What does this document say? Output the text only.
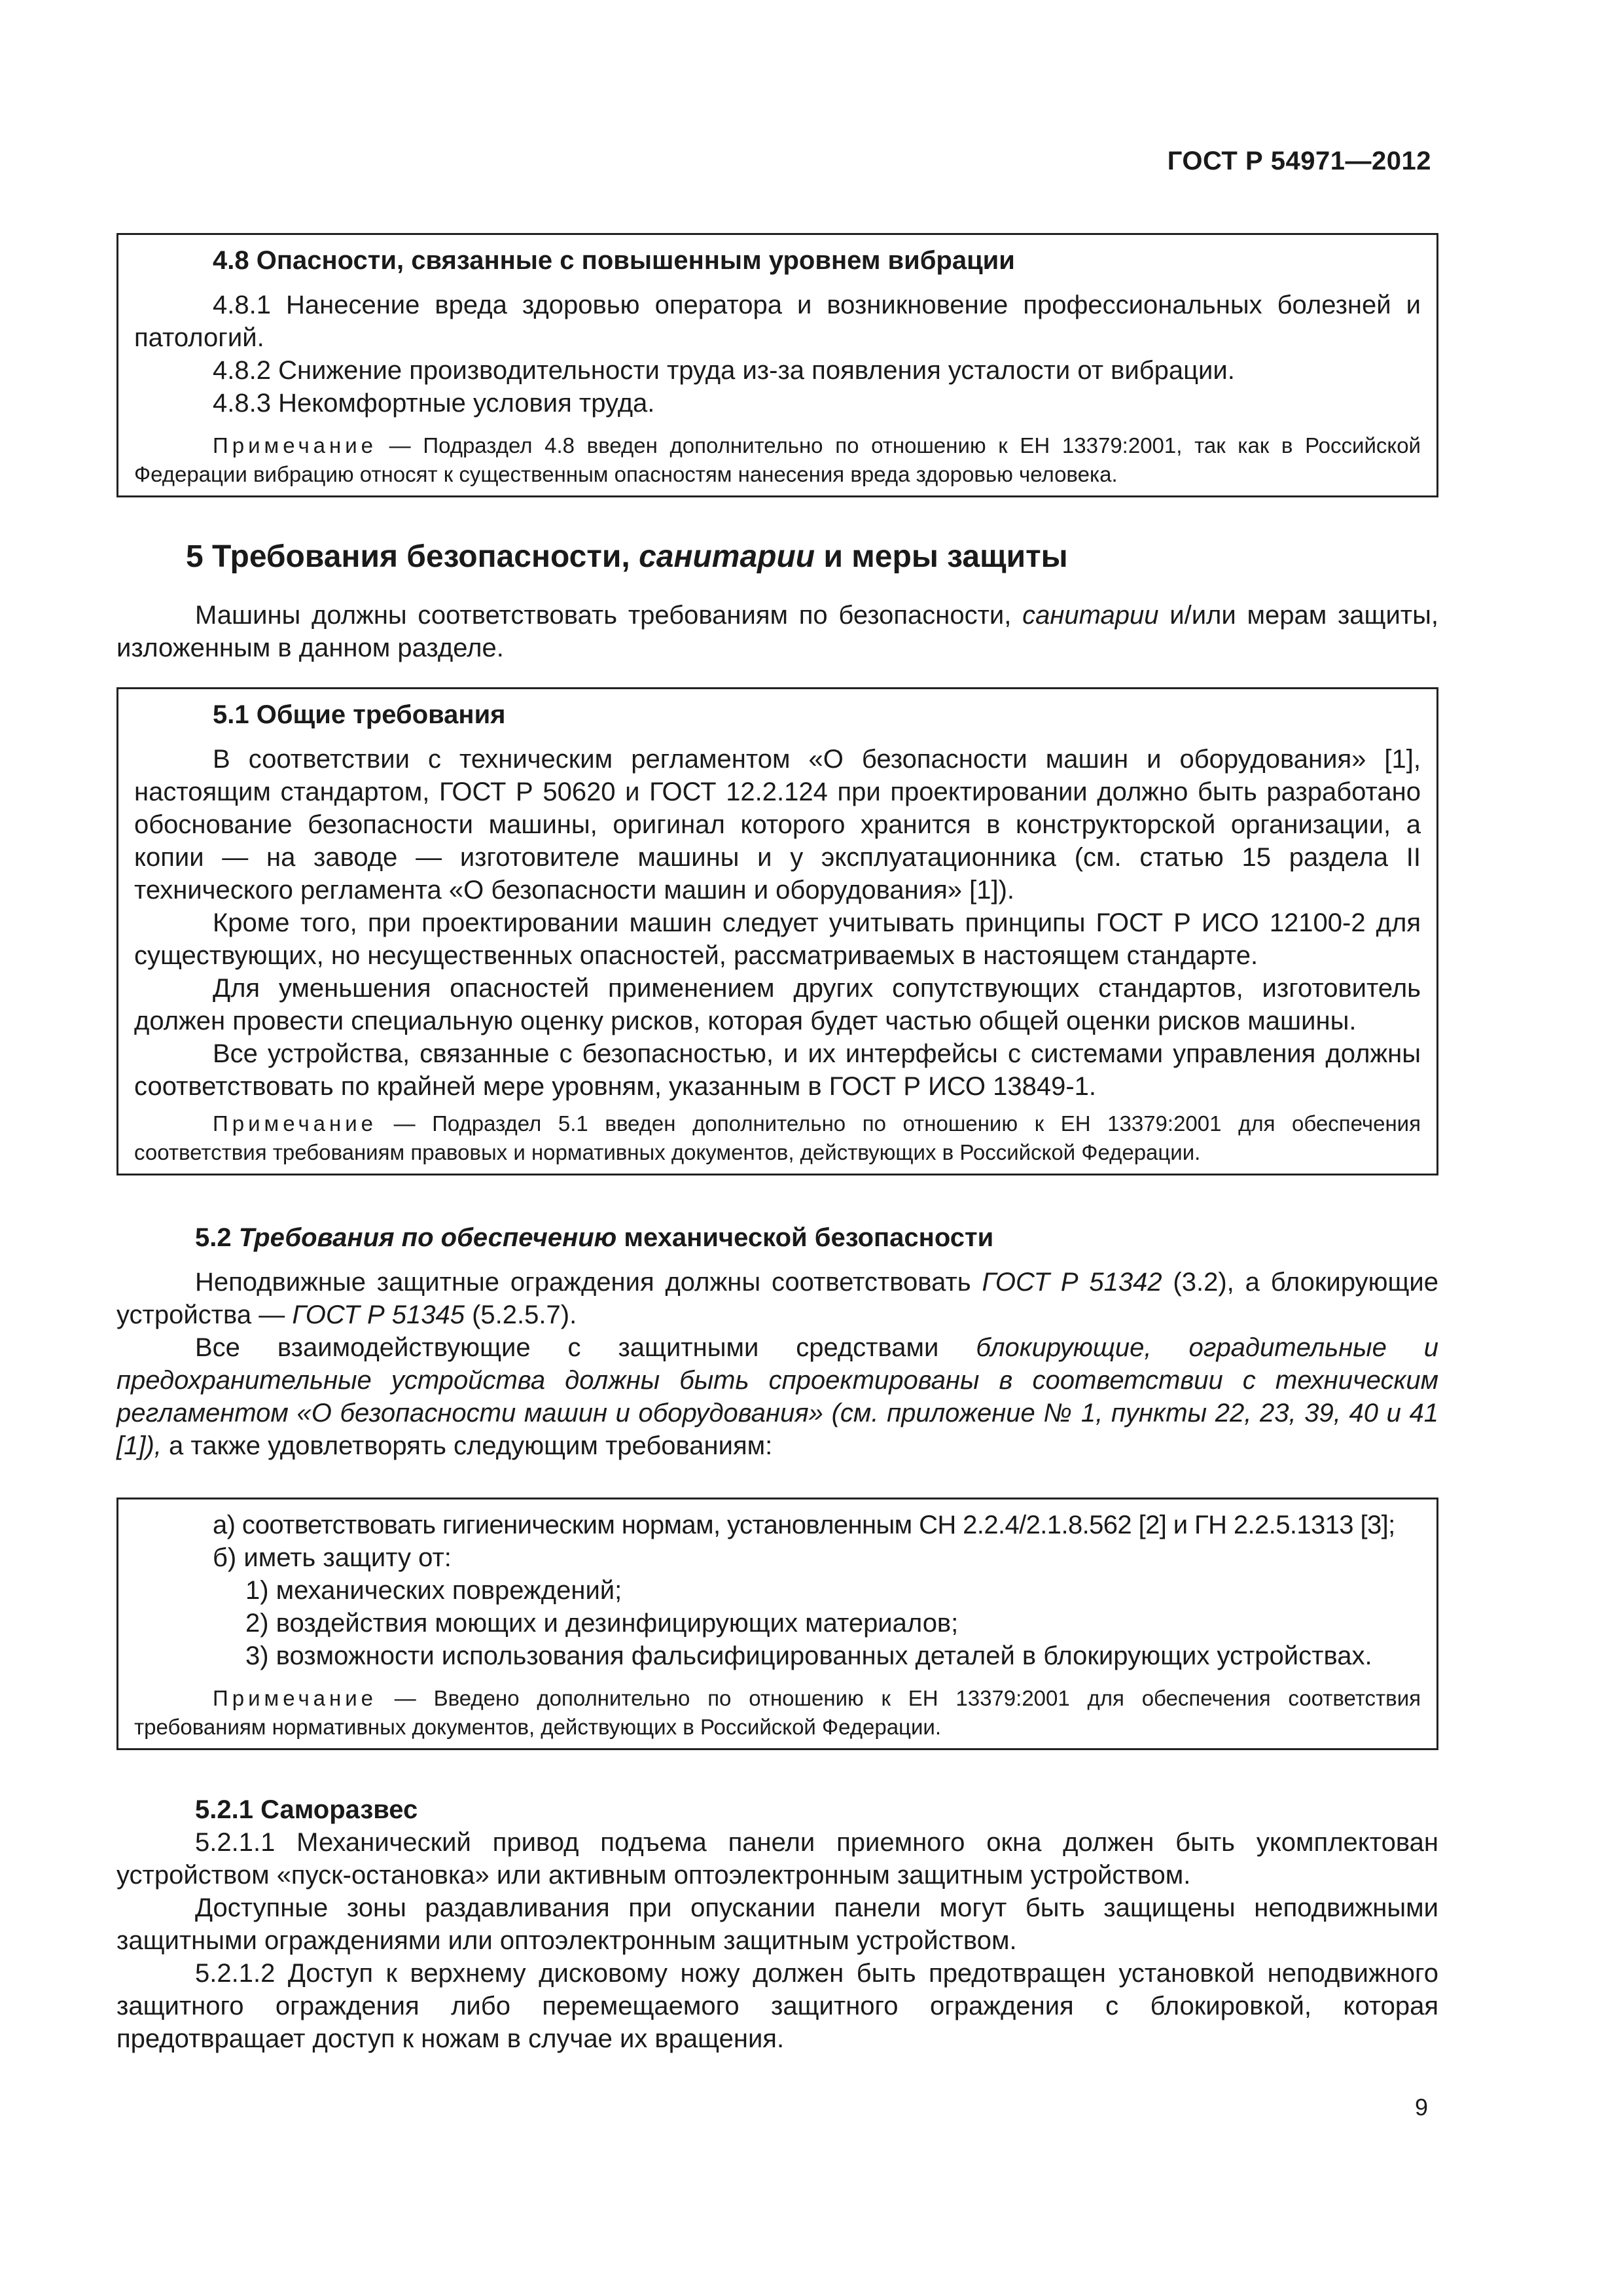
ГОСТ Р 54971—2012

4.8 Опасности, связанные с повышенным уровнем вибрации

4.8.1 Нанесение вреда здоровью оператора и возникновение профессиональных болезней и патологий.

4.8.2 Снижение производительности труда из-за появления усталости от вибрации.

4.8.3 Некомфортные условия труда.

Примечание — Подраздел 4.8 введен дополнительно по отношению к ЕН 13379:2001, так как в Российской Федерации вибрацию относят к существенным опасностям нанесения вреда здоровью человека.

5 Требования безопасности, санитарии и меры защиты

Машины должны соответствовать требованиям по безопасности, санитарии и/или мерам защиты, изложенным в данном разделе.

5.1 Общие требования

В соответствии с техническим регламентом «О безопасности машин и оборудования» [1], настоящим стандартом, ГОСТ Р 50620 и ГОСТ 12.2.124 при проектировании должно быть разработано обоснование безопасности машины, оригинал которого хранится в конструкторской организации, а копии — на заводе — изготовителе машины и у эксплуатационника (см. статью 15 раздела II технического регламента «О безопасности машин и оборудования» [1]).

Кроме того, при проектировании машин следует учитывать принципы ГОСТ Р ИСО 12100-2 для существующих, но несущественных опасностей, рассматриваемых в настоящем стандарте.

Для уменьшения опасностей применением других сопутствующих стандартов, изготовитель должен провести специальную оценку рисков, которая будет частью общей оценки рисков машины.

Все устройства, связанные с безопасностью, и их интерфейсы с системами управления должны соответствовать по крайней мере уровням, указанным в ГОСТ Р ИСО 13849-1.

Примечание — Подраздел 5.1 введен дополнительно по отношению к ЕН 13379:2001 для обеспечения соответствия требованиям правовых и нормативных документов, действующих в Российской Федерации.

5.2 Требования по обеспечению механической безопасности

Неподвижные защитные ограждения должны соответствовать ГОСТ Р 51342 (3.2), а блокирующие устройства — ГОСТ Р 51345 (5.2.5.7).

Все взаимодействующие с защитными средствами блокирующие, оградительные и предохранительные устройства должны быть спроектированы в соответствии с техническим регламентом «О безопасности машин и оборудования» (см. приложение № 1, пункты 22, 23, 39, 40 и 41 [1]), а также удовлетворять следующим требованиям:

а) соответствовать гигиеническим нормам, установленным СН 2.2.4/2.1.8.562 [2] и ГН 2.2.5.1313 [3];

б) иметь защиту от:

1) механических повреждений;

2) воздействия моющих и дезинфицирующих материалов;

3) возможности использования фальсифицированных деталей в блокирующих устройствах.

Примечание — Введено дополнительно по отношению к ЕН 13379:2001 для обеспечения соответствия требованиям нормативных документов, действующих в Российской Федерации.

5.2.1 Саморазвес

5.2.1.1 Механический привод подъема панели приемного окна должен быть укомплектован устройством «пуск-остановка» или активным оптоэлектронным защитным устройством.

Доступные зоны раздавливания при опускании панели могут быть защищены неподвижными защитными ограждениями или оптоэлектронным защитным устройством.

5.2.1.2 Доступ к верхнему дисковому ножу должен быть предотвращен установкой неподвижного защитного ограждения либо перемещаемого защитного ограждения с блокировкой, которая предотвращает доступ к ножам в случае их вращения.

9
